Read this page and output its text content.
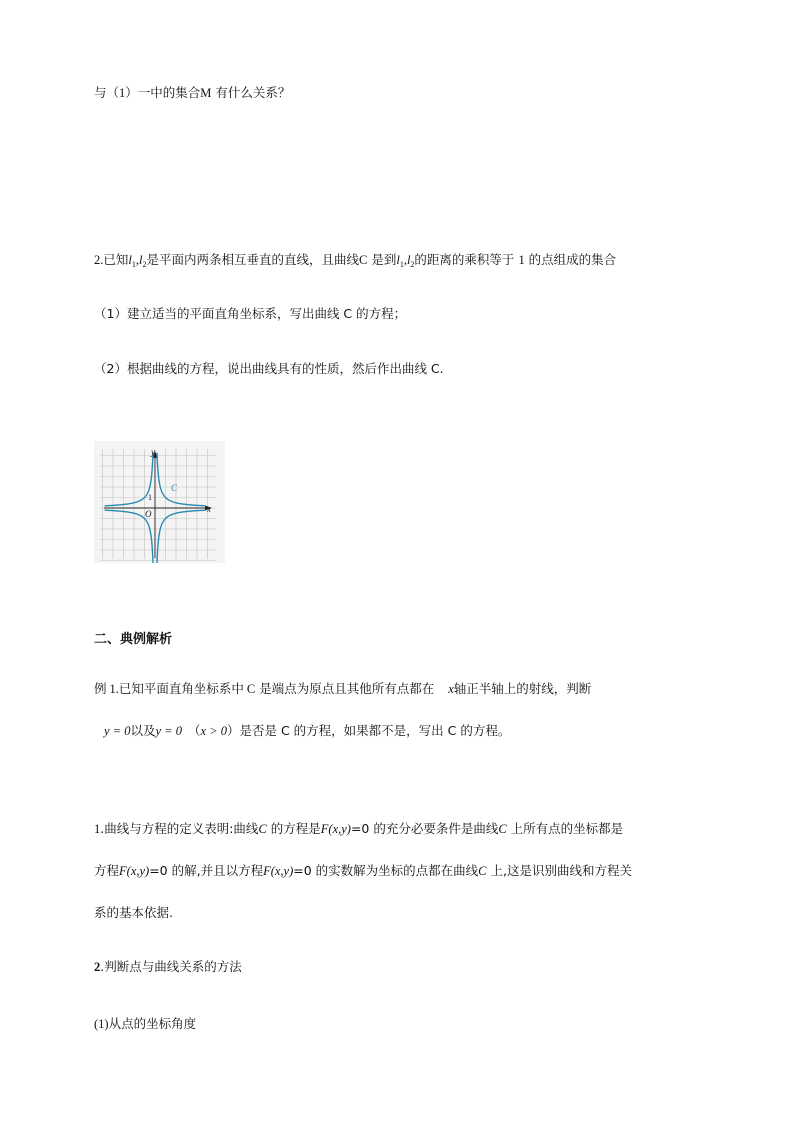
与（1）一中的集合M 有什么关系？
2.已知$l_1,l_2$是平面内两条相互垂直的直线，且曲线C 是到$l_1,l_2$的距离的乘积等于 1 的点组成的集合
（1）建立适当的平面直角坐标系，写出曲线 C 的方程；
（2）根据曲线的方程，说出曲线具有的性质，然后作出曲线 C.
y
x
O
1
C
二、典例解析
例 1.已知平面直角坐标系中 C 是端点为原点且其他所有点都在 x轴正半轴上的射线，判断
y = 0以及y = 0 （x > 0）是否是 C 的方程，如果都不是，写出 C 的方程。
1.曲线与方程的定义表明:曲线C 的方程是F(x,y)=0 的充分必要条件是曲线C 上所有点的坐标都是
方程F(x,y)=0 的解,并且以方程F(x,y)=0 的实数解为坐标的点都在曲线C 上,这是识别曲线和方程关
系的基本依据.
2.判断点与曲线关系的方法
(1)从点的坐标角度
